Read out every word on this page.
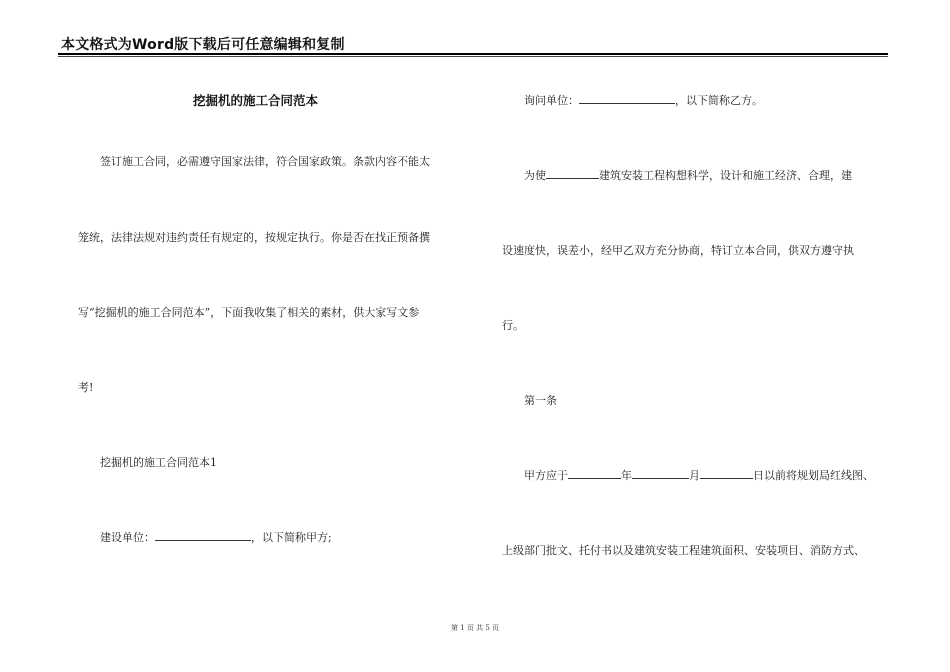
本文格式为Word版下载后可任意编辑和复制
挖掘机的施工合同范本
签订施工合同，必需遵守国家法律，符合国家政策。条款内容不能太
笼统，法律法规对违约责任有规定的，按规定执行。你是否在找正预备撰
写“挖掘机的施工合同范本”，下面我收集了相关的素材，供大家写文参
考!
挖掘机的施工合同范本1
建设单位：	，以下简称甲方;
询问单位：	，以下简称乙方。
为使	建筑安装工程构想科学，设计和施工经济、合理，建
设速度快，误差小，经甲乙双方充分协商，特订立本合同，供双方遵守执
行。
第一条
甲方应于	年	月	日以前将规划局红线图、
上级部门批文、托付书以及建筑安装工程建筑面积、安装项目、消防方式、
第 1 页 共 5 页
